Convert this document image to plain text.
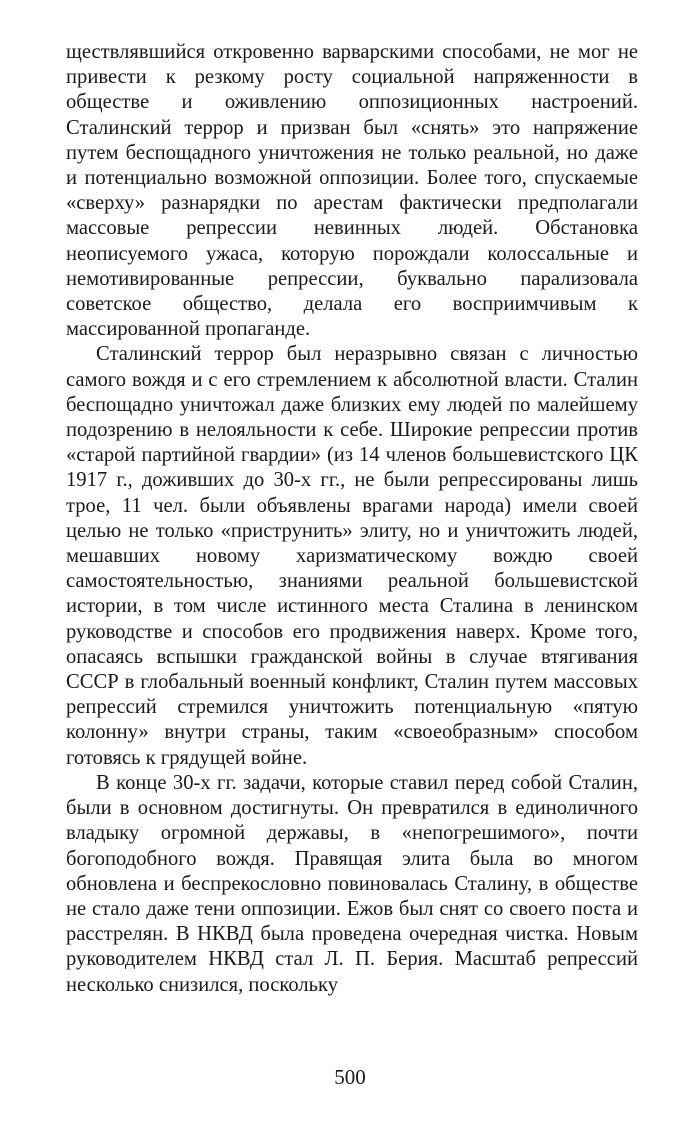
ществлявшийся откровенно варварскими способами, не мог не привести к резкому росту социальной напряженности в обществе и оживлению оппозиционных настроений. Сталинский террор и призван был «снять» это напряжение путем беспощадного уничтожения не только реальной, но даже и потенциально возможной оппозиции. Более того, спускаемые «сверху» разнарядки по арестам фактически предполагали массовые репрессии невинных людей. Обстановка неописуемого ужаса, которую порождали колоссальные и немотивированные репрессии, буквально парализовала советское общество, делала его восприимчивым к массированной пропаганде.

Сталинский террор был неразрывно связан с личностью самого вождя и с его стремлением к абсолютной власти. Сталин беспощадно уничтожал даже близких ему людей по малейшему подозрению в нелояльности к себе. Широкие репрессии против «старой партийной гвардии» (из 14 членов большевистского ЦК 1917 г., доживших до 30-х гг., не были репрессированы лишь трое, 11 чел. были объявлены врагами народа) имели своей целью не только «приструнить» элиту, но и уничтожить людей, мешавших новому харизматическому вождю своей самостоятельностью, знаниями реальной большевистской истории, в том числе истинного места Сталина в ленинском руководстве и способов его продвижения наверх. Кроме того, опасаясь вспышки гражданской войны в случае втягивания СССР в глобальный военный конфликт, Сталин путем массовых репрессий стремился уничтожить потенциальную «пятую колонну» внутри страны, таким «своеобразным» способом готовясь к грядущей войне.

В конце 30-х гг. задачи, которые ставил перед собой Сталин, были в основном достигнуты. Он превратился в единоличного владыку огромной державы, в «непогрешимого», почти богоподобного вождя. Правящая элита была во многом обновлена и беспрекословно повиновалась Сталину, в обществе не стало даже тени оппозиции. Ежов был снят со своего поста и расстрелян. В НКВД была проведена очередная чистка. Новым руководителем НКВД стал Л. П. Берия. Масштаб репрессий несколько снизился, поскольку

500
